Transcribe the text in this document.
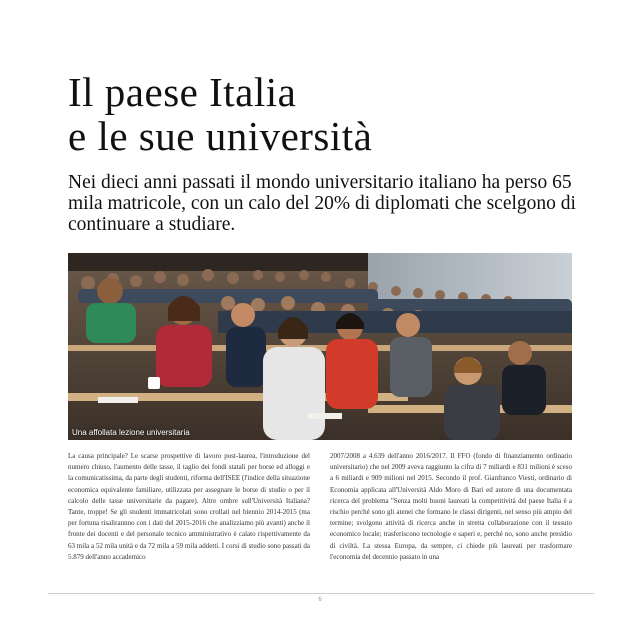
Il paese Italia
e le sue università

Nei dieci anni passati il mondo universitario italiano ha perso 65 mila matricole, con un calo del 20% di diplomati che scelgono di continuare a studiare.

Una affollata lezione universitaria

La causa principale? Le scarse prospettive di lavoro post-laurea, l'introduzione del numero chiuso, l'aumento delle tasse, il taglio dei fondi statali per borse ed alloggi e la comunicatissima, da parte degli studenti, riforma dell'ISEE (l'indice della situazione economica equivalente familiare, utilizzata per assegnare le borse di studio o per il calcolo delle tasse universitarie da pagare). Altre ombre sull'Università Italiana? Tante, troppe! Se gli studenti immatricolati sono crollati nel biennio 2014-2015 (ma per fortuna risalirannno con i dati del 2015-2016 che analizziamo più avanti) anche il fronte dei docenti e del personale tecnico amministrativo è calato rispettivamente da 63 mila a 52 mila unità e da 72 mila a 59 mila addetti. I corsi di studio sono passati da 5.879 dell'anno accademico

2007/2008 a 4.639 dell'anno 2016/2017. Il FFO (fondo di finanziamento ordinario universitario) che nel 2009 aveva raggiunto la cifra di 7 miliardi e 831 milioni è sceso a 6 miliardi e 909 milioni nel 2015. Secondo il prof. Gianfranco Viesti, ordinario di Economia applicata all'Università Aldo Moro di Bari ed autore di una documentata ricerca del problema "Senza molti buoni laureati la competitività del paese Italia è a rischio perché sono gli atenei che formano le classi dirigenti, nel senso più ampio del termine; svolgono attività di ricerca anche in stretta collaborazione con il tessuto economico locale; trasferiscono tecnologie e saperi e, perché no, sono anche presidio di civiltà. La stessa Europa, da sempre, ci chiede più laureati per trasformare l'economia del decennio passato in una

6
